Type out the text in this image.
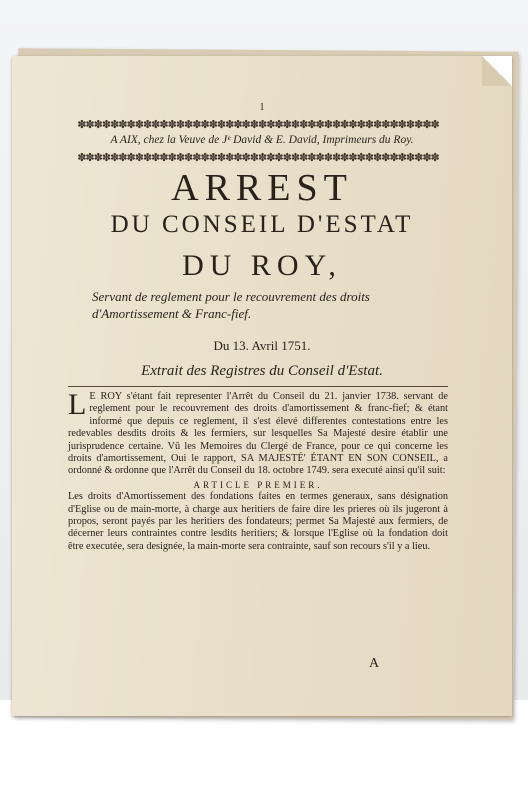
1
✽✽✽✽✽✽✽✽✽✽✽✽✽✽✽✽✽✽✽✽✽✽✽✽✽✽✽✽✽✽✽✽✽✽✽✽✽✽✽✽✽✽✽✽
A AIX, chez la Veuve de Jᵉ David & E. David, Imprimeurs du Roy.
✽✽✽✽✽✽✽✽✽✽✽✽✽✽✽✽✽✽✽✽✽✽✽✽✽✽✽✽✽✽✽✽✽✽✽✽✽✽✽✽✽✽✽✽
ARREST
DU CONSEIL D'ESTAT
DU ROY,
Servant de reglement pour le recouvrement des droits d'Amortissement & Franc-fief.
Du 13. Avril 1751.
Extrait des Registres du Conseil d'Estat.
L E ROY s'étant fait representer l'Arrêt du Conseil du 21. janvier 1738. servant de reglement pour le recouvrement des droits d'amortissement & franc-fief; & étant informé que depuis ce reglement, il s'est élevé differentes contestations entre les redevables desdits droits & les fermiers, sur lesquelles Sa Majesté desire établir une jurisprudence certaine. Vû les Memoires du Clergé de France, pour ce qui concerne les droits d'amortissement, Oui le rapport, SA MAJESTÉ' ÉTANT EN SON CONSEIL, a ordonné & ordonne que l'Arrêt du Conseil du 18. octobre 1749. sera executé ainsi qu'il suit:

ARTICLE PREMIER.

Les droits d'Amortissement des fondations faites en termes generaux, sans désignation d'Eglise ou de main-morte, à charge aux heritiers de faire dire les prieres où ils jugeront à propos, seront payés par les heritiers des fondateurs; permet Sa Majesté aux fermiers, de décerner leurs contraintes contre lesdits heritiers; & lorsque l'Eglise où la fondation doit être executée, sera designée, la main-morte sera contrainte, sauf son recours s'il y a lieu.

A
